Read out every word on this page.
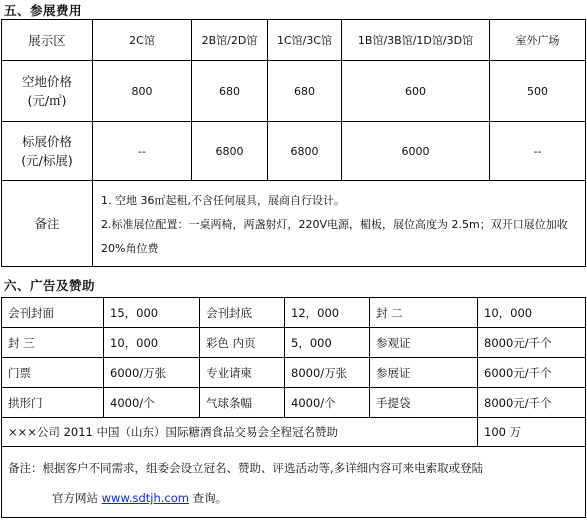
五、参展费用
展示区	2C馆	2B馆/2D馆	1C馆/3C馆	1B馆/3B馆/1D馆/3D馆	室外广场
空地价格
(元/㎡)	800	680	680	600	500
标展价格
(元/标展)	--	6800	6800	6000	--
备注	1. 空地 36㎡起租,不含任何展具，展商自行设计。
2.标准展位配置：一桌两椅，两盏射灯，220V电源，楣板，展位高度为 2.5m；双开口展位加收 20%角位费				
六、广告及赞助
会刊封面	15，000	会刊封底	12，000	封 二	10，000
封 三	10，000	彩色 内页	5，000	参观证	8000元/千个
门票	6000/万张	专业请柬	8000/万张	参展证	6000元/千个
拱形门	4000/个	气球条幅	4000/个	手提袋	8000元/千个
×××公司 2011 中国（山东）国际糖酒食品交易会全程冠名赞助					100 万

备注：根据客户不同需求，组委会设立冠名、赞助、评选活动等,多详细内容可来电索取或登陆
官方网站 www.sdtjh.com 查询。					
